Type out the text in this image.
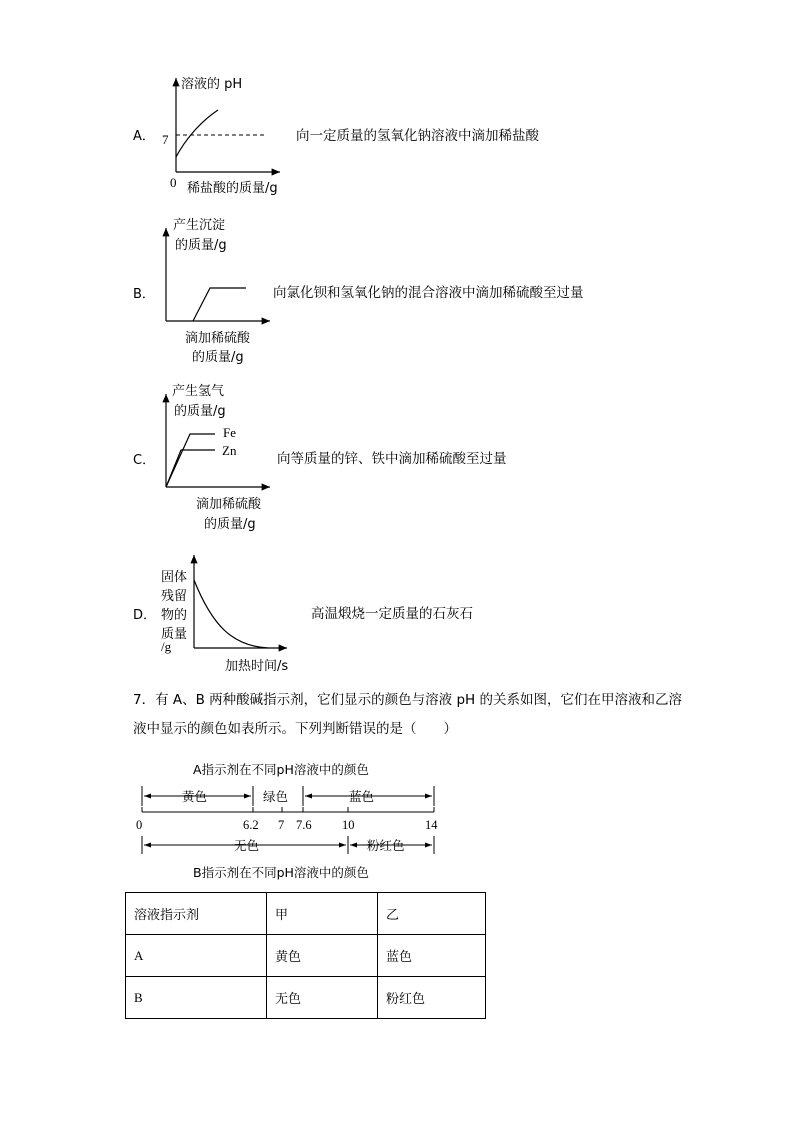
A．
溶液的 pH
7
0 稀盐酸的质量/g
向一定质量的氢氧化钠溶液中滴加稀盐酸
B．
产生沉淀
的质量/g
滴加稀硫酸
的质量/g
向氯化钡和氢氧化钠的混合溶液中滴加稀硫酸至过量
C．
产生氢气
的质量/g
Fe
Zn
滴加稀硫酸
的质量/g
向等质量的锌、铁中滴加稀硫酸至过量
D．
固体
残留
物的
质量
/g
加热时间/s
高温煅烧一定质量的石灰石
7．有 A、B 两种酸碱指示剂，它们显示的颜色与溶液 pH 的关系如图，它们在甲溶液和乙溶液中显示的颜色如表所示。下列判断错误的是（　　）
A指示剂在不同pH溶液中的颜色
黄色	绿色	蓝色
0	6.2 7 7.6 10	14
无色	粉红色
B指示剂在不同pH溶液中的颜色
溶液指示剂	甲	乙
A	黄色	蓝色
B	无色	粉红色
